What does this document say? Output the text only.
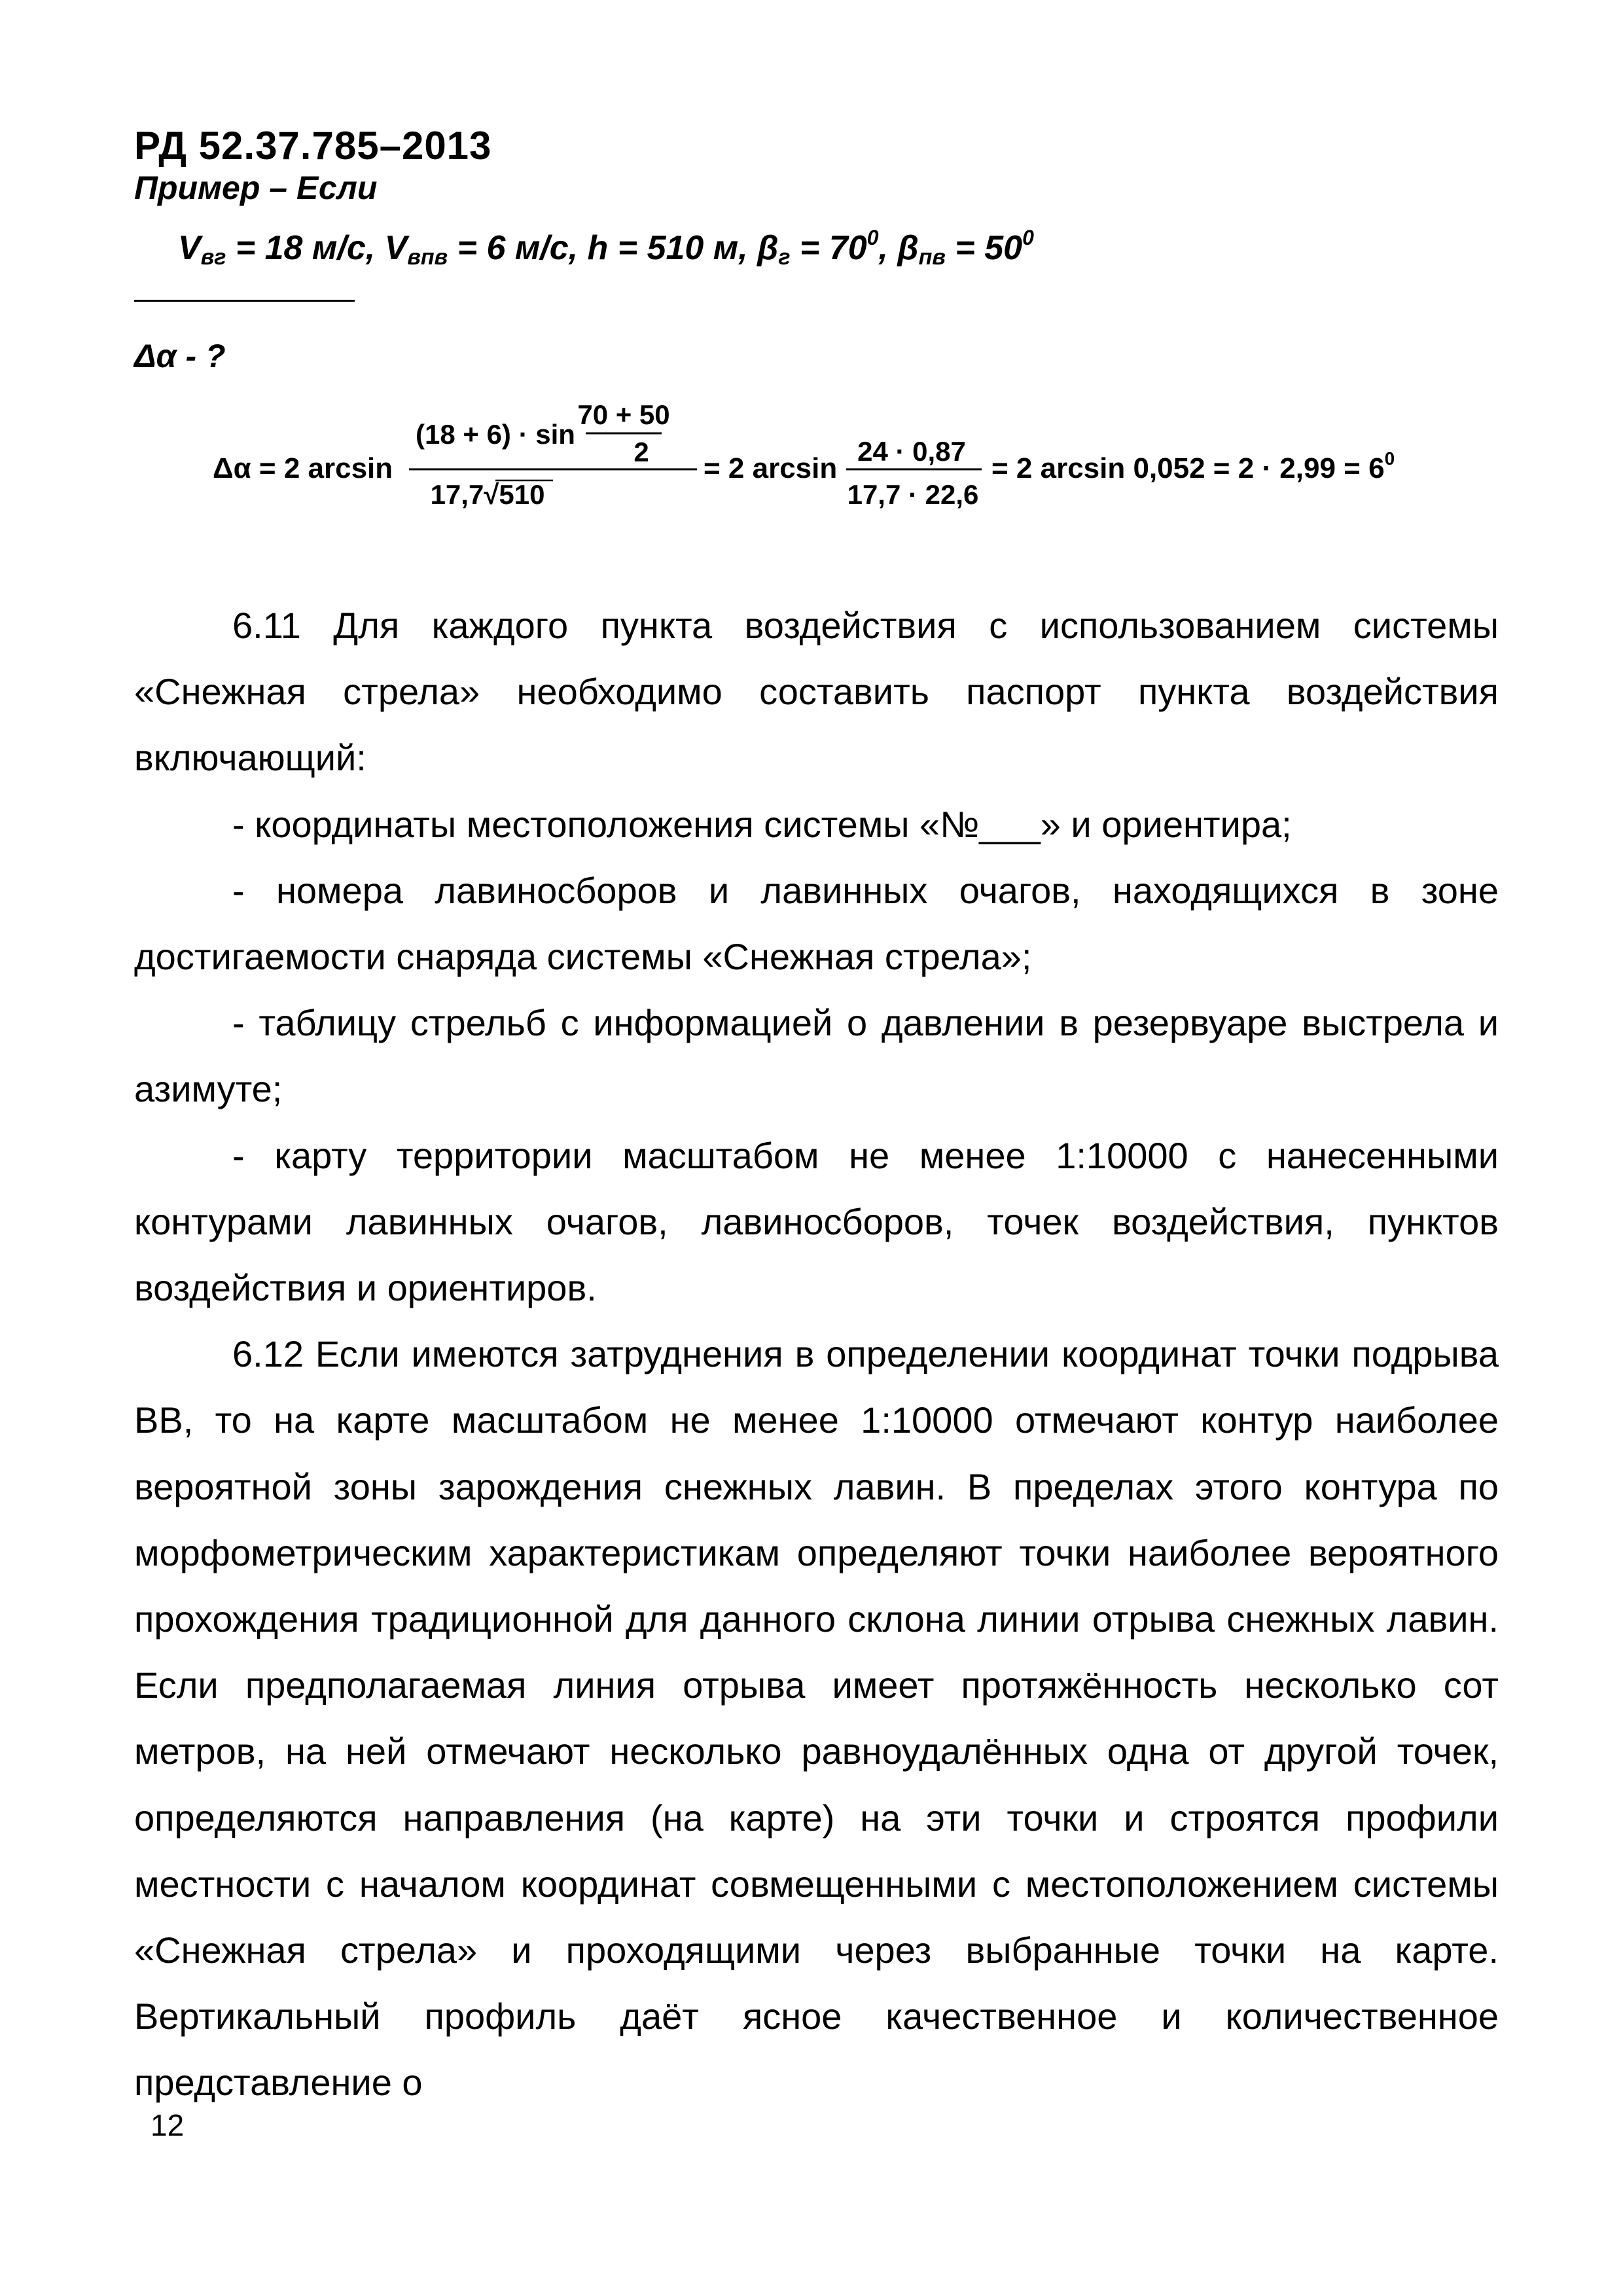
РД 52.37.785–2013
Пример – Если
$V_{вг} = 18$ м/с, $V_{впв} = 6$ м/с, h = 510 м, $\beta_г = 70^0$, $\beta_{пв} = 50^0$
Δα - ?
Δα = 2 arcsin
(18 + 6) · sin
70 + 50
2
17,7√510
= 2 arcsin
24 · 0,87
17,7 · 22,6
= 2 $\arcsin 0,052 = 2 \cdot 2,99 = 6^0$

6.11 Для каждого пункта воздействия с использованием системы «Снежная стрела» необходимо составить паспорт пункта воздействия включающий:

- координаты местоположения системы «№___» и ориентира;

- номера лавиносборов и лавинных очагов, находящихся в зоне достигаемости снаряда системы «Снежная стрела»;

- таблицу стрельб с информацией о давлении в резервуаре выстрела и азимуте;

- карту территории масштабом не менее 1:10000 с нанесенными контурами лавинных очагов, лавиносборов, точек воздействия, пунктов воздействия и ориентиров.

6.12 Если имеются затруднения в определении координат точки подрыва ВВ, то на карте масштабом не менее 1:10000 отмечают контур наиболее вероятной зоны зарождения снежных лавин. В пределах этого контура по морфометрическим характеристикам определяют точки наиболее вероятного прохождения традиционной для данного склона линии отрыва снежных лавин. Если предполагаемая линия отрыва имеет протяжённость несколько сот метров, на ней отмечают несколько равноудалённых одна от другой точек, определяются направления (на карте) на эти точки и строятся профили местности с началом координат совмещенными с местоположением системы «Снежная стрела» и проходящими через выбранные точки на карте. Вертикальный профиль даёт ясное качественное и количественное представление о

12
